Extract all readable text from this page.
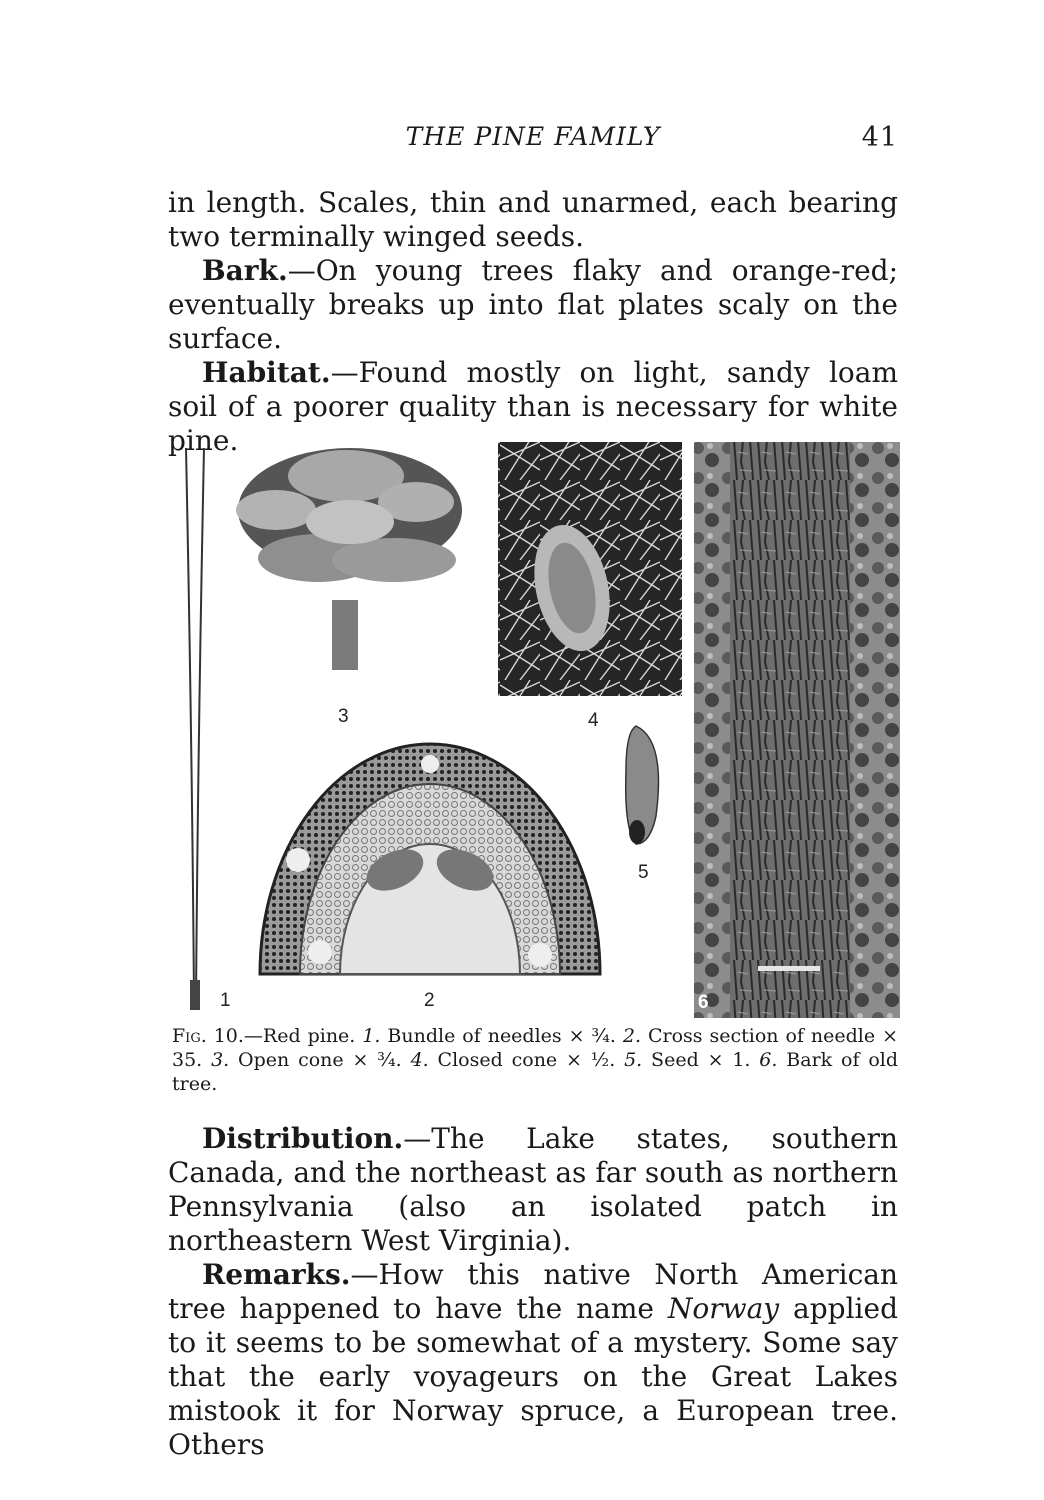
THE PINE FAMILY	41

in length. Scales, thin and unarmed, each bearing two terminally winged seeds.

Bark.—On young trees flaky and orange-red; eventually breaks up into flat plates scaly on the surface.

Habitat.—Found mostly on light, sandy loam soil of a poorer quality than is necessary for white pine.

1	2
3	4
5
6
Fig. 10.—Red pine. 1. Bundle of needles × ¾. 2. Cross section of needle × 35. 3. Open cone × ¾. 4. Closed cone × ½. 5. Seed × 1. 6. Bark of old tree.

Distribution.—The Lake states, southern Canada, and the northeast as far south as northern Pennsylvania (also an isolated patch in northeastern West Virginia).

Remarks.—How this native North American tree happened to have the name Norway applied to it seems to be somewhat of a mystery. Some say that the early voyageurs on the Great Lakes mistook it for Norway spruce, a European tree. Others
